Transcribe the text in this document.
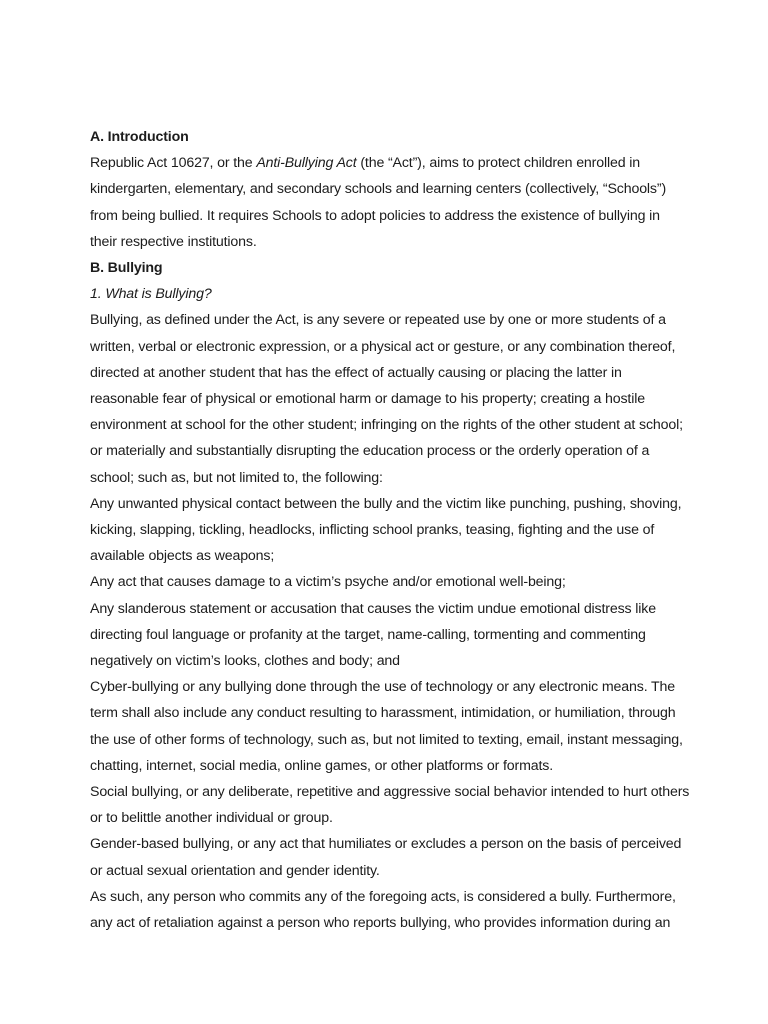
A. Introduction

Republic Act 10627, or the Anti-Bullying Act (the “Act”), aims to protect children enrolled in kindergarten, elementary, and secondary schools and learning centers (collectively, “Schools”) from being bullied. It requires Schools to adopt policies to address the existence of bullying in their respective institutions.

B. Bullying

1. What is Bullying?

Bullying, as defined under the Act, is any severe or repeated use by one or more students of a written, verbal or electronic expression, or a physical act or gesture, or any combination thereof, directed at another student that has the effect of actually causing or placing the latter in reasonable fear of physical or emotional harm or damage to his property; creating a hostile environment at school for the other student; infringing on the rights of the other student at school; or materially and substantially disrupting the education process or the orderly operation of a school; such as, but not limited to, the following:

Any unwanted physical contact between the bully and the victim like punching, pushing, shoving, kicking, slapping, tickling, headlocks, inflicting school pranks, teasing, fighting and the use of available objects as weapons;

Any act that causes damage to a victim’s psyche and/or emotional well-being;

Any slanderous statement or accusation that causes the victim undue emotional distress like directing foul language or profanity at the target, name-calling, tormenting and commenting negatively on victim’s looks, clothes and body; and

Cyber-bullying or any bullying done through the use of technology or any electronic means. The term shall also include any conduct resulting to harassment, intimidation, or humiliation, through the use of other forms of technology, such as, but not limited to texting, email, instant messaging, chatting, internet, social media, online games, or other platforms or formats.

Social bullying, or any deliberate, repetitive and aggressive social behavior intended to hurt others or to belittle another individual or group.

Gender-based bullying, or any act that humiliates or excludes a person on the basis of perceived or actual sexual orientation and gender identity.

As such, any person who commits any of the foregoing acts, is considered a bully. Furthermore, any act of retaliation against a person who reports bullying, who provides information during an
